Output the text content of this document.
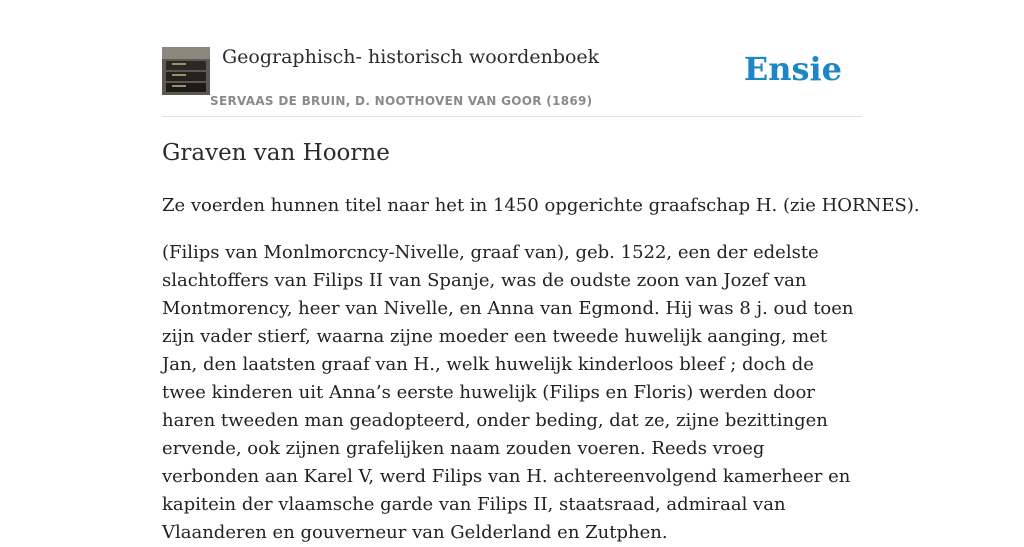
Geographisch- historisch woordenboek
SERVAAS DE BRUIN, D. NOOTHOVEN VAN GOOR (1869)
Ensie
Graven van Hoorne

Ze voerden hunnen titel naar het in 1450 opgerichte graafschap H. (zie HORNES).

(Filips van Monlmorcncy-Nivelle, graaf van), geb. 1522, een der edelste slachtoffers van Filips II van Spanje, was de oudste zoon van Jozef van Montmorency, heer van Nivelle, en Anna van Egmond. Hij was 8 j. oud toen zijn vader stierf, waarna zijne moeder een tweede huwelijk aanging, met Jan, den laatsten graaf van H., welk huwelijk kinderloos bleef ; doch de twee kinderen uit Anna’s eerste huwelijk (Filips en Floris) werden door haren tweeden man geadopteerd, onder beding, dat ze, zijne bezittingen ervende, ook zijnen grafelijken naam zouden voeren. Reeds vroeg verbonden aan Karel V, werd Filips van H. achtereenvolgend kamerheer en kapitein der vlaamsche garde van Filips II, staatsraad, admiraal van Vlaanderen en gouverneur van Gelderland en Zutphen.
